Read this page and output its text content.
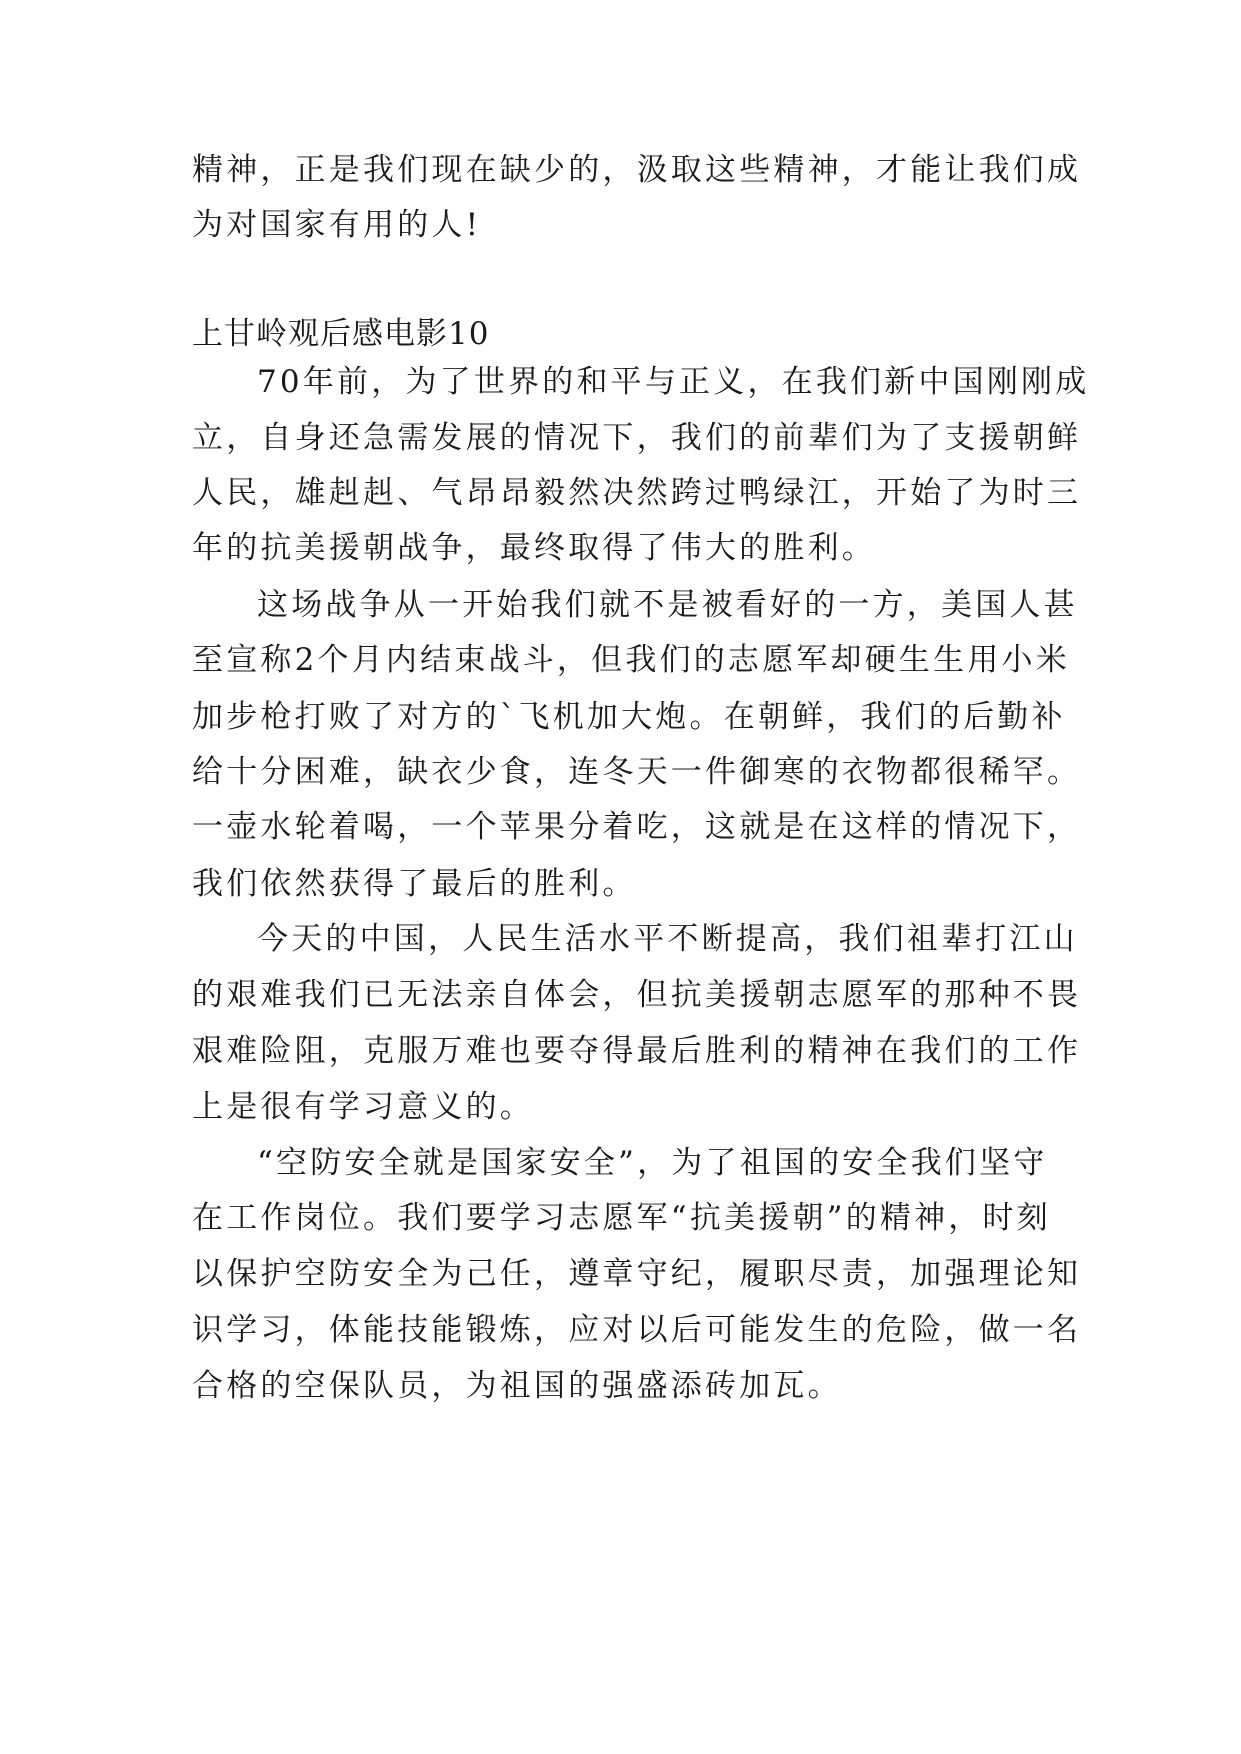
精神，正是我们现在缺少的，汲取这些精神，才能让我们成
为对国家有用的人!
上甘岭观后感电影10
70年前，为了世界的和平与正义，在我们新中国刚刚成
立，自身还急需发展的情况下，我们的前辈们为了支援朝鲜
人民，雄赳赳、气昂昂毅然决然跨过鸭绿江，开始了为时三
年的抗美援朝战争，最终取得了伟大的胜利。
这场战争从一开始我们就不是被看好的一方，美国人甚
至宣称2个月内结束战斗，但我们的志愿军却硬生生用小米
加步枪打败了对方的`飞机加大炮。在朝鲜，我们的后勤补
给十分困难，缺衣少食，连冬天一件御寒的衣物都很稀罕。
一壶水轮着喝，一个苹果分着吃，这就是在这样的情况下，
我们依然获得了最后的胜利。
今天的中国，人民生活水平不断提高，我们祖辈打江山
的艰难我们已无法亲自体会，但抗美援朝志愿军的那种不畏
艰难险阻，克服万难也要夺得最后胜利的精神在我们的工作
上是很有学习意义的。
“空防安全就是国家安全”，为了祖国的安全我们坚守
在工作岗位。我们要学习志愿军“抗美援朝”的精神，时刻
以保护空防安全为己任，遵章守纪，履职尽责，加强理论知
识学习，体能技能锻炼，应对以后可能发生的危险，做一名
合格的空保队员，为祖国的强盛添砖加瓦。
